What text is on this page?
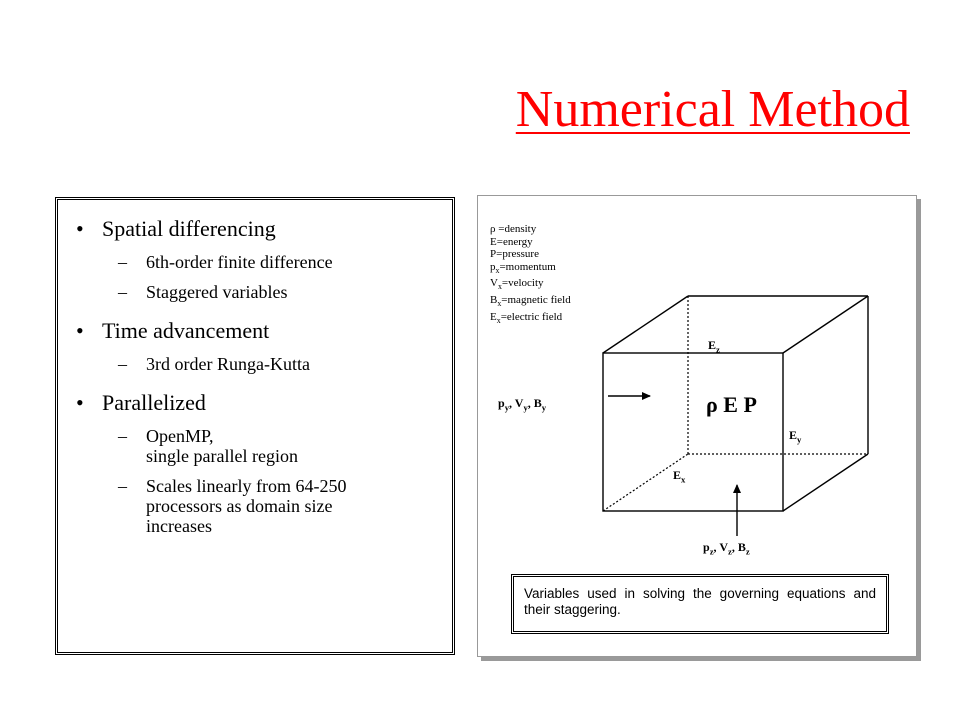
Numerical Method
• Spatial differencing
–	6th-order finite difference
–	Staggered variables
• Time advancement
–	3rd order Runga-Kutta
• Parallelized
–	OpenMP,
single parallel region
–	Scales linearly from 64-250
processors as domain size
increases
ρ =density
E=energy
P=pressure
$p_x=momentum$
$V_x=velocity$
$B_x=magnetic$ field
$E_x=electric$ field
ρ E P
$E_z$
$E_y$
$E_x$
$p_y$, $V_y$, $B_y$
$p_z$, $V_z$, $B_z$
Variables used in solving the governing equations and their staggering.
